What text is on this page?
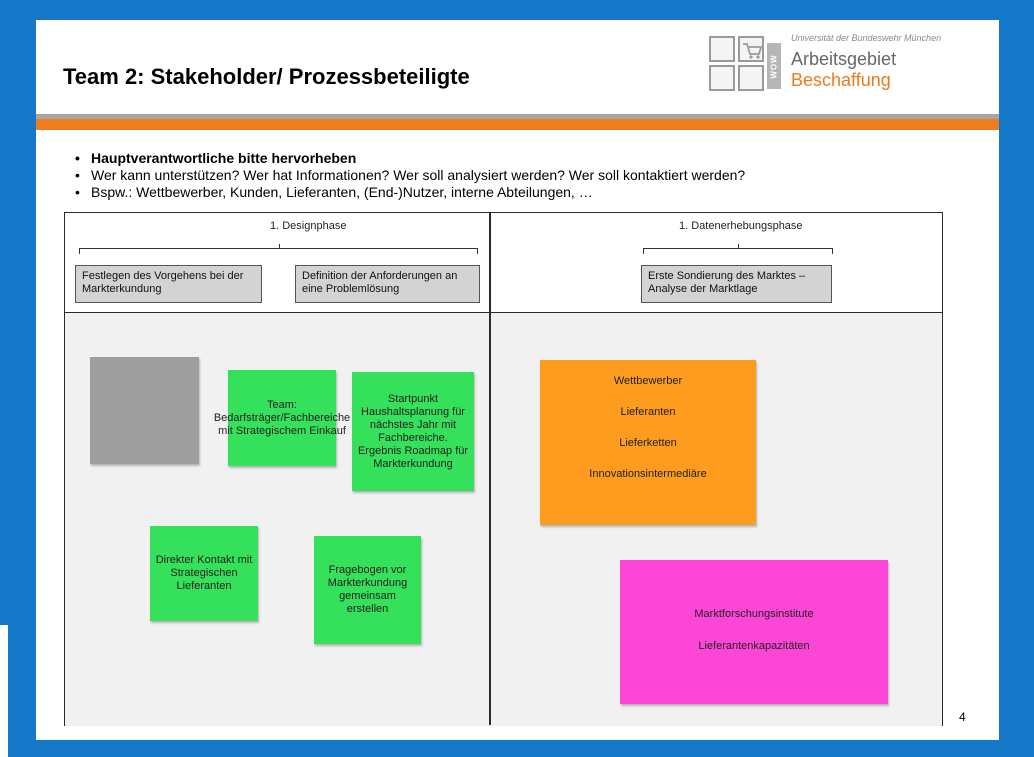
Team 2: Stakeholder/ Prozessbeteiligte	WOW
Universität der Bundeswehr München
Arbeitsgebiet
Beschaffung
• Hauptverantwortliche bitte hervorheben
• Wer kann unterstützen? Wer hat Informationen? Wer soll analysiert werden? Wer soll kontaktiert werden?
• Bspw.: Wettbewerber, Kunden, Lieferanten, (End-)Nutzer, interne Abteilungen, …
1. Designphase
Festlegen des Vorgehens bei der Markterkundung
Definition der Anforderungen an eine Problemlösung
1. Datenerhebungsphase
Erste Sondierung des Marktes – Analyse der Marktlage
Team: Bedarfsträger/Fachbereiche mit Strategischem Einkauf
Startpunkt Haushaltsplanung für nächstes Jahr mit Fachbereiche. Ergebnis Roadmap für Markterkundung
Direkter Kontakt mit Strategischen Lieferanten
Fragebogen vor Markterkundung gemeinsam erstellen
Wettbewerber
Lieferanten
Lieferketten
Innovationsintermediäre
Marktforschungsinstitute
Lieferantenkapazitäten
4
